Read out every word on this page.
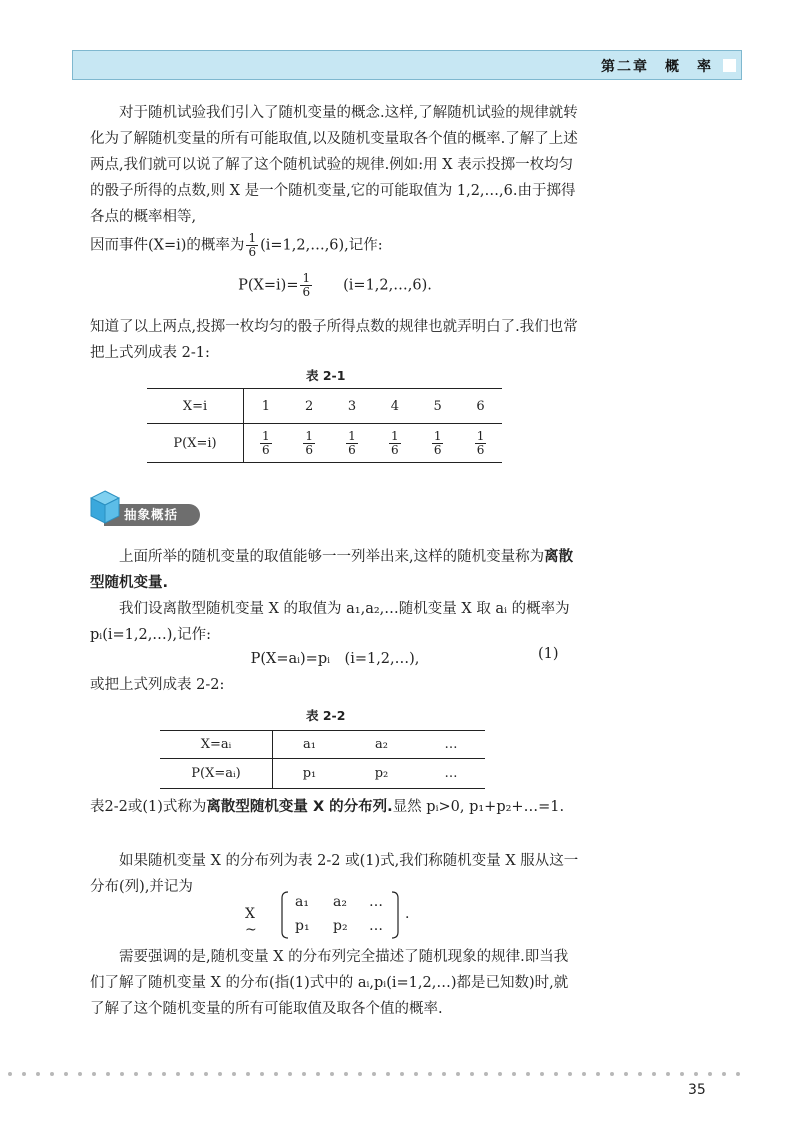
第二章　概　率

对于随机试验我们引入了随机变量的概念.这样,了解随机试验的规律就转化为了解随机变量的所有可能取值,以及随机变量取各个值的概率.了解了上述两点,我们就可以说了解了这个随机试验的规律.例如:用 X 表示投掷一枚均匀的骰子所得的点数,则 X 是一个随机变量,它的可能取值为 1,2,…,6.由于掷得各点的概率相等,

因而事件(X=i)的概率为 $\frac{1}{6}$ (i=1,2,…,6),记作:

$P(X=i)= \frac{1}{6}$
　　 (i=1,2,…,6).

知道了以上两点,投掷一枚均匀的骰子所得点数的规律也就弄明白了.我们也常把上式列成表 2-1:

表 2-1
X=i	1	2	3	4	5	6
P(X=i)	$\frac{1}{6}$	$\frac{1}{6}$	$\frac{1}{6}$	$\frac{1}{6}$	$\frac{1}{6}$	$\frac{1}{6}$
抽象概括

上面所举的随机变量的取值能够一一列举出来,这样的随机变量称为离散型随机变量.

我们设离散型随机变量 X 的取值为 a₁,a₂,…随机变量 X 取 aᵢ 的概率为 pᵢ(i=1,2,…),记作:

P(X=aᵢ)=pᵢ　(i=1,2,…),	(1)

或把上式列成表 2-2:

表 2-2
X=aᵢ	a₁	a₂	…
P(X=aᵢ)	p₁	p₂	…

表2-2或(1)式称为离散型随机变量 X 的分布列.显然 pᵢ>0, p₁+p₂+…=1.

如果随机变量 X 的分布列为表 2-2 或(1)式,我们称随机变量 X 服从这一分布(列),并记为

X ~
a₁ a₂ …
p₁ p₂ …
.

需要强调的是,随机变量 X 的分布列完全描述了随机现象的规律.即当我们了解了随机变量 X 的分布(指(1)式中的 aᵢ,pᵢ(i=1,2,…)都是已知数)时,就了解了这个随机变量的所有可能取值及取各个值的概率.

35
